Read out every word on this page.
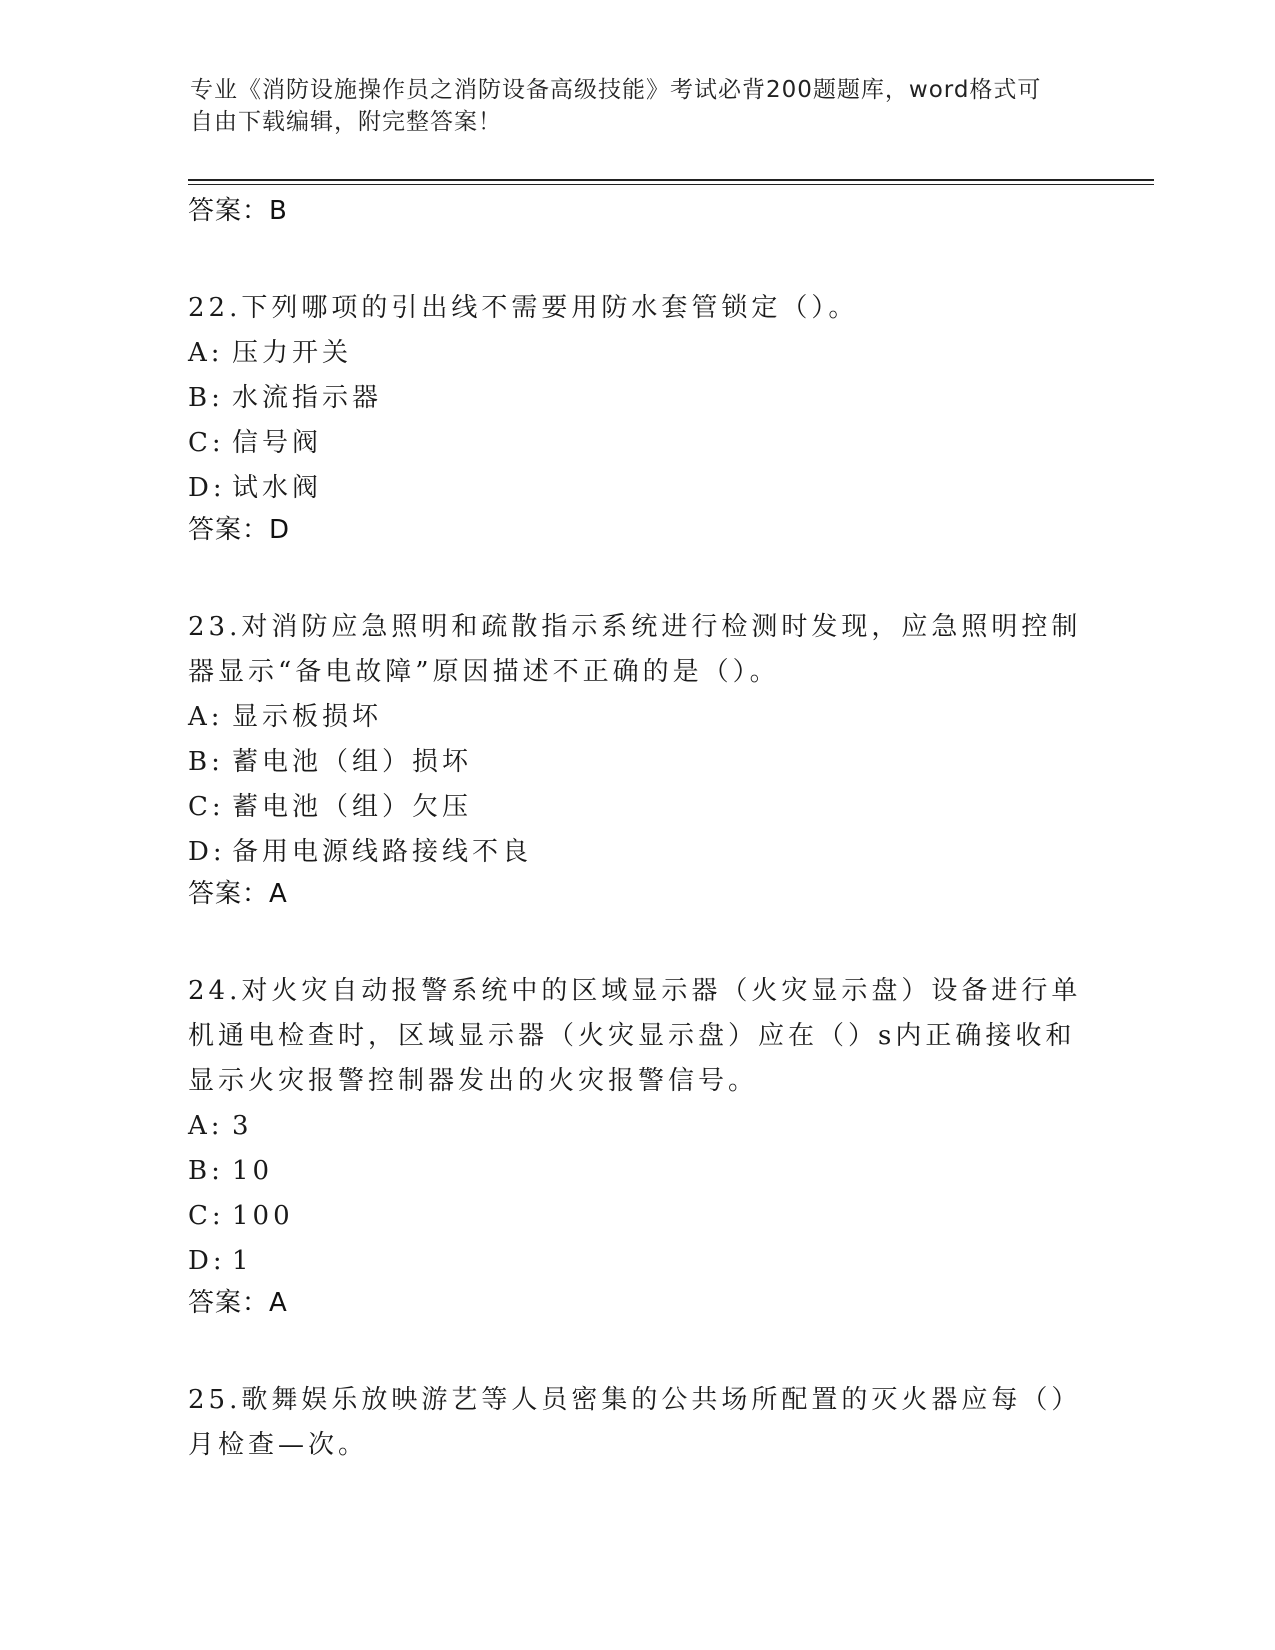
专业《消防设施操作员之消防设备高级技能》考试必背200题题库，word格式可
自由下载编辑，附完整答案！
答案：B
22.下列哪项的引出线不需要用防水套管锁定（）。
A: 压力开关
B: 水流指示器
C: 信号阀
D: 试水阀
答案：D
23.对消防应急照明和疏散指示系统进行检测时发现，应急照明控制器显示“备电故障”原因描述不正确的是（）。
A: 显示板损坏
B: 蓄电池（组）损坏
C: 蓄电池（组）欠压
D: 备用电源线路接线不良
答案：A
24.对火灾自动报警系统中的区域显示器（火灾显示盘）设备进行单机通电检查时，区域显示器（火灾显示盘）应在（）s内正确接收和显示火灾报警控制器发出的火灾报警信号。
A: 3
B: 10
C: 100
D: 1
答案：A
25.歌舞娱乐放映游艺等人员密集的公共场所配置的灭火器应每（）月检查—次。
